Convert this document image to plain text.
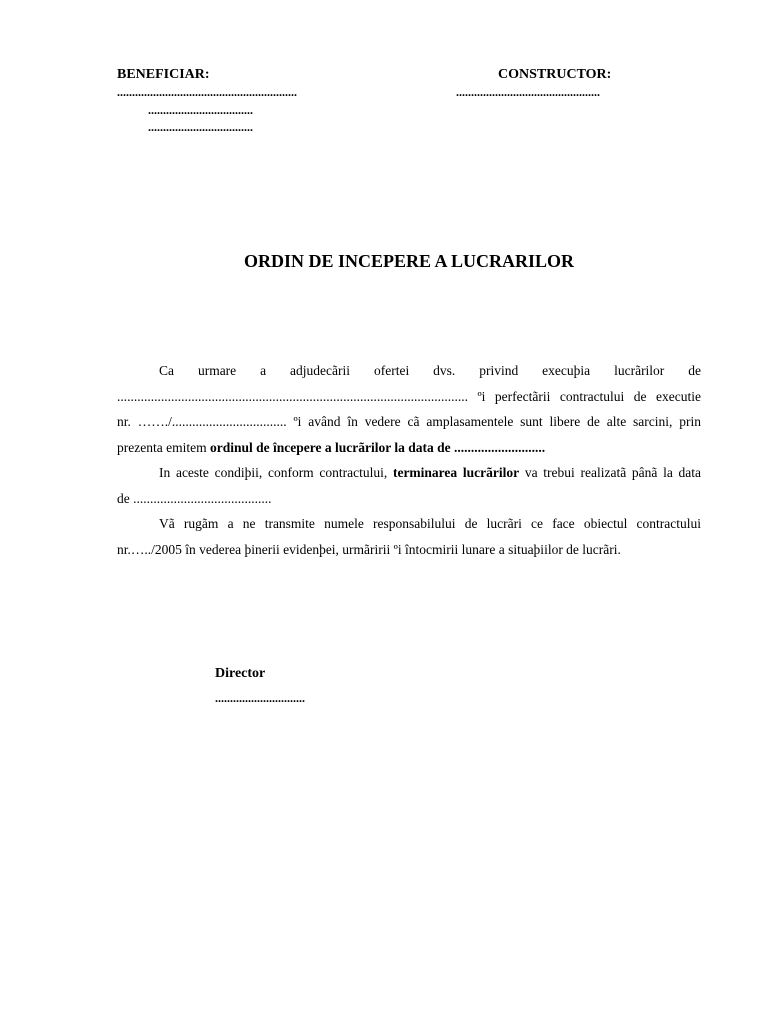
BENEFICIAR:
............................................................
...................................
...................................
CONSTRUCTOR:
................................................
ORDIN DE INCEPERE A LUCRARILOR
Ca urmare a adjudecãrii ofertei dvs. privind execuþia lucrãrilor de
........................................................................................................ ºi perfectãrii contractului de executie
nr. ……./.................................. ºi având în vedere cã amplasamentele sunt libere de alte sarcini, prin
prezenta emitem ordinul de începere a lucrãrilor la data de ...........................
In aceste condiþii, conform contractului, terminarea lucrãrilor va trebui realizatã pânã la data
de .........................................
Vã rugãm a ne transmite numele responsabilului de lucrãri ce face obiectul contractului
nr.…../2005 în vederea þinerii evidenþei, urmãririi ºi întocmirii lunare a situaþiilor de lucrãri.
Director
..............................
